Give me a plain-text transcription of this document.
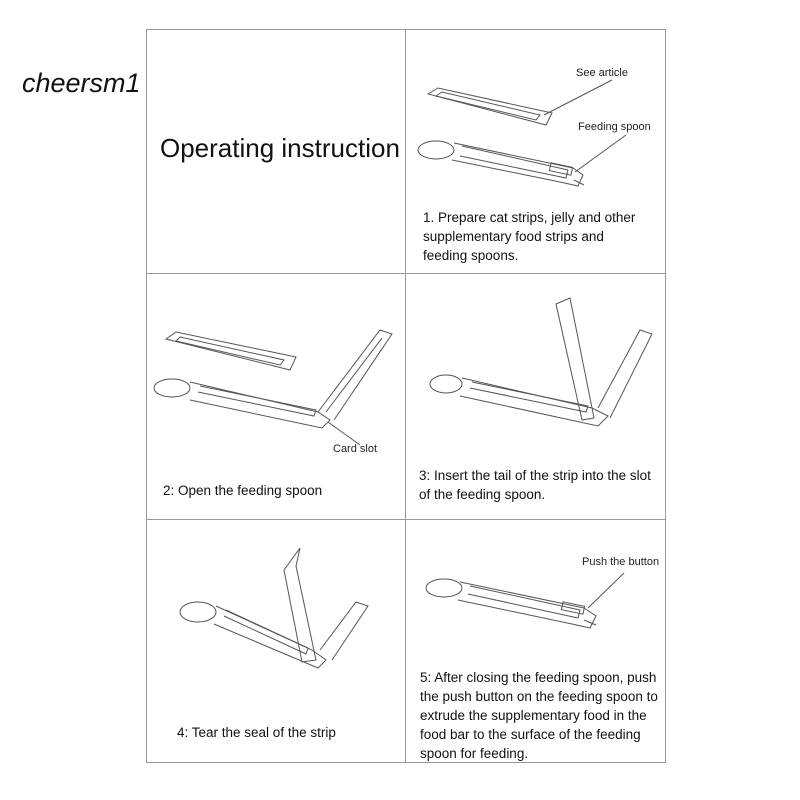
cheersm1
Operating instruction
See article
Feeding spoon
Card slot
Push the button
1. Prepare cat strips, jelly and other
supplementary food strips and
feeding spoons.
2: Open the feeding spoon
3: Insert the tail of the strip into the slot
of the feeding spoon.
4: Tear the seal of the strip
5: After closing the feeding spoon, push
the push button on the feeding spoon to
extrude the supplementary food in the
food bar to the surface of the feeding
spoon for feeding.
